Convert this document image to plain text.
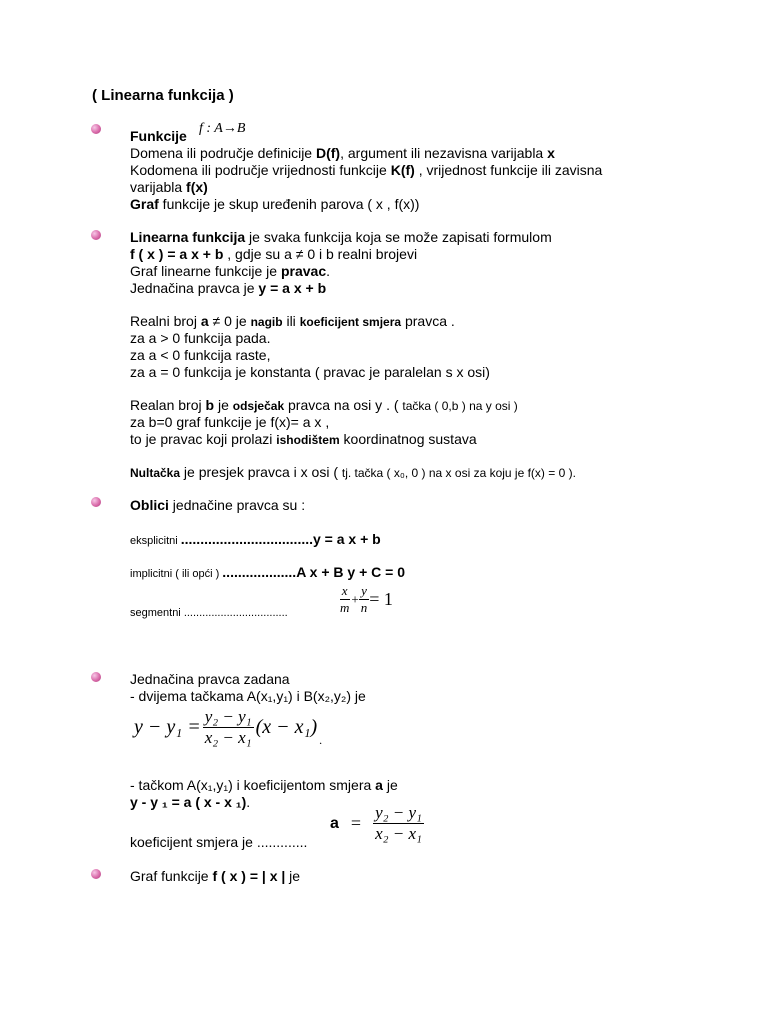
( Linearna funkcija )
Funkcije f : A→B
Domena ili područje definicije D(f), argument ili nezavisna varijabla x
Kodomena ili područje vrijednosti funkcije K(f) , vrijednost funkcije ili zavisna
varijabla f(x)
Graf funkcije je skup uređenih parova ( x , f(x))
Linearna funkcija je svaka funkcija koja se može zapisati formulom
f ( x ) = a x + b , gdje su a ≠ 0 i b realni brojevi
Graf linearne funkcije je pravac.
Jednačina pravca je y = a x + b
Realni broj a ≠ 0 je nagib ili koeficijent smjera pravca .
za a > 0 funkcija pada.
za a < 0 funkcija raste,
za a = 0 funkcija je konstanta ( pravac je paralelan s x osi)
Realan broj b je odsječak pravca na osi y . ( tačka ( 0,b ) na y osi )
za b=0 graf funkcije je f(x)= a x ,
to je pravac koji prolazi ishodištem koordinatnog sustava
Nultačka je presjek pravca i x osi ( tj. tačka ( x₀, 0 ) na x osi za koju je f(x) = 0 ).
Oblici jednačine pravca su :
eksplicitni ..................................y = a x + b
implicitni ( ili opći ) ...................A x + B y + C = 0
segmentni ..................................	$\frac{x}{m} + \frac{y}{n} = 1$
Jednačina pravca zadana
- dvijema tačkama A(x₁,y₁) i B(x₂,y₂) je
$y - y_1 = \frac{\text{y₂ − y₁}}{\text{x₂ − x₁}} (x - x_1)$
.
- tačkom A(x₁,y₁) i koeficijentom smjera a je
y - y ₁ = a ( x - x ₁).
koeficijent smjera je .............
$a = \frac{\text{y₂ − y₁}}{\text{x₂ − x₁}}$
Graf funkcije f ( x ) = | x | je
